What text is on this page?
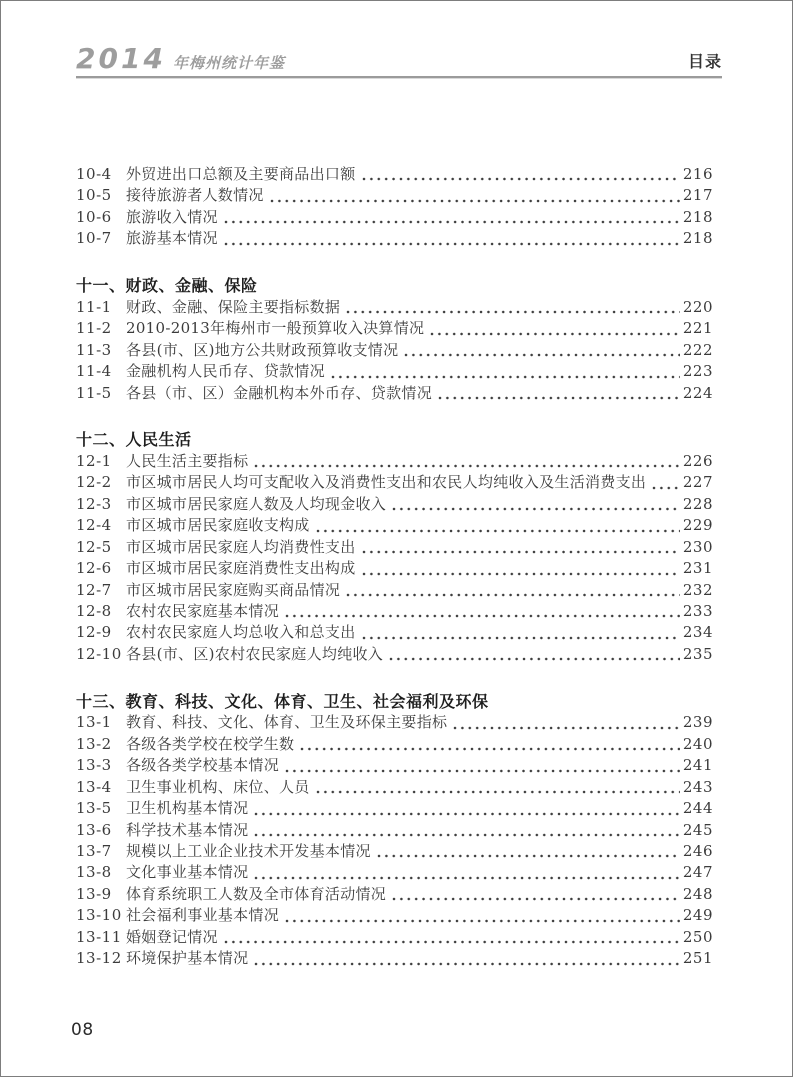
2014 年梅州统计年鉴	目录
10-4 外贸进出口总额及主要商品出口额	216
10-5 接待旅游者人数情况	217
10-6 旅游收入情况	218
10-7 旅游基本情况	218
十一、财政、金融、保险
11-1 财政、金融、保险主要指标数据	220
11-2 2010-2013年梅州市一般预算收入决算情况	221
11-3 各县(市、区)地方公共财政预算收支情况	222
11-4 金融机构人民币存、贷款情况	223
11-5 各县（市、区）金融机构本外币存、贷款情况	224
十二、人民生活
12-1 人民生活主要指标	226
12-2 市区城市居民人均可支配收入及消费性支出和农民人均纯收入及生活消费支出 227
12-3 市区城市居民家庭人数及人均现金收入	228
12-4 市区城市居民家庭收支构成	229
12-5 市区城市居民家庭人均消费性支出	230
12-6 市区城市居民家庭消费性支出构成	231
12-7 市区城市居民家庭购买商品情况	232
12-8 农村农民家庭基本情况	233
12-9 农村农民家庭人均总收入和总支出	234
12-10 各县(市、区)农村农民家庭人均纯收入	235
十三、教育、科技、文化、体育、卫生、社会福利及环保
13-1 教育、科技、文化、体育、卫生及环保主要指标	239
13-2 各级各类学校在校学生数	240
13-3 各级各类学校基本情况	241
13-4 卫生事业机构、床位、人员	243
13-5 卫生机构基本情况	244
13-6 科学技术基本情况	245
13-7 规模以上工业企业技术开发基本情况	246
13-8 文化事业基本情况	247
13-9 体育系统职工人数及全市体育活动情况	248
13-10 社会福利事业基本情况	249
13-11 婚姻登记情况	250
13-12 环境保护基本情况	251
08
